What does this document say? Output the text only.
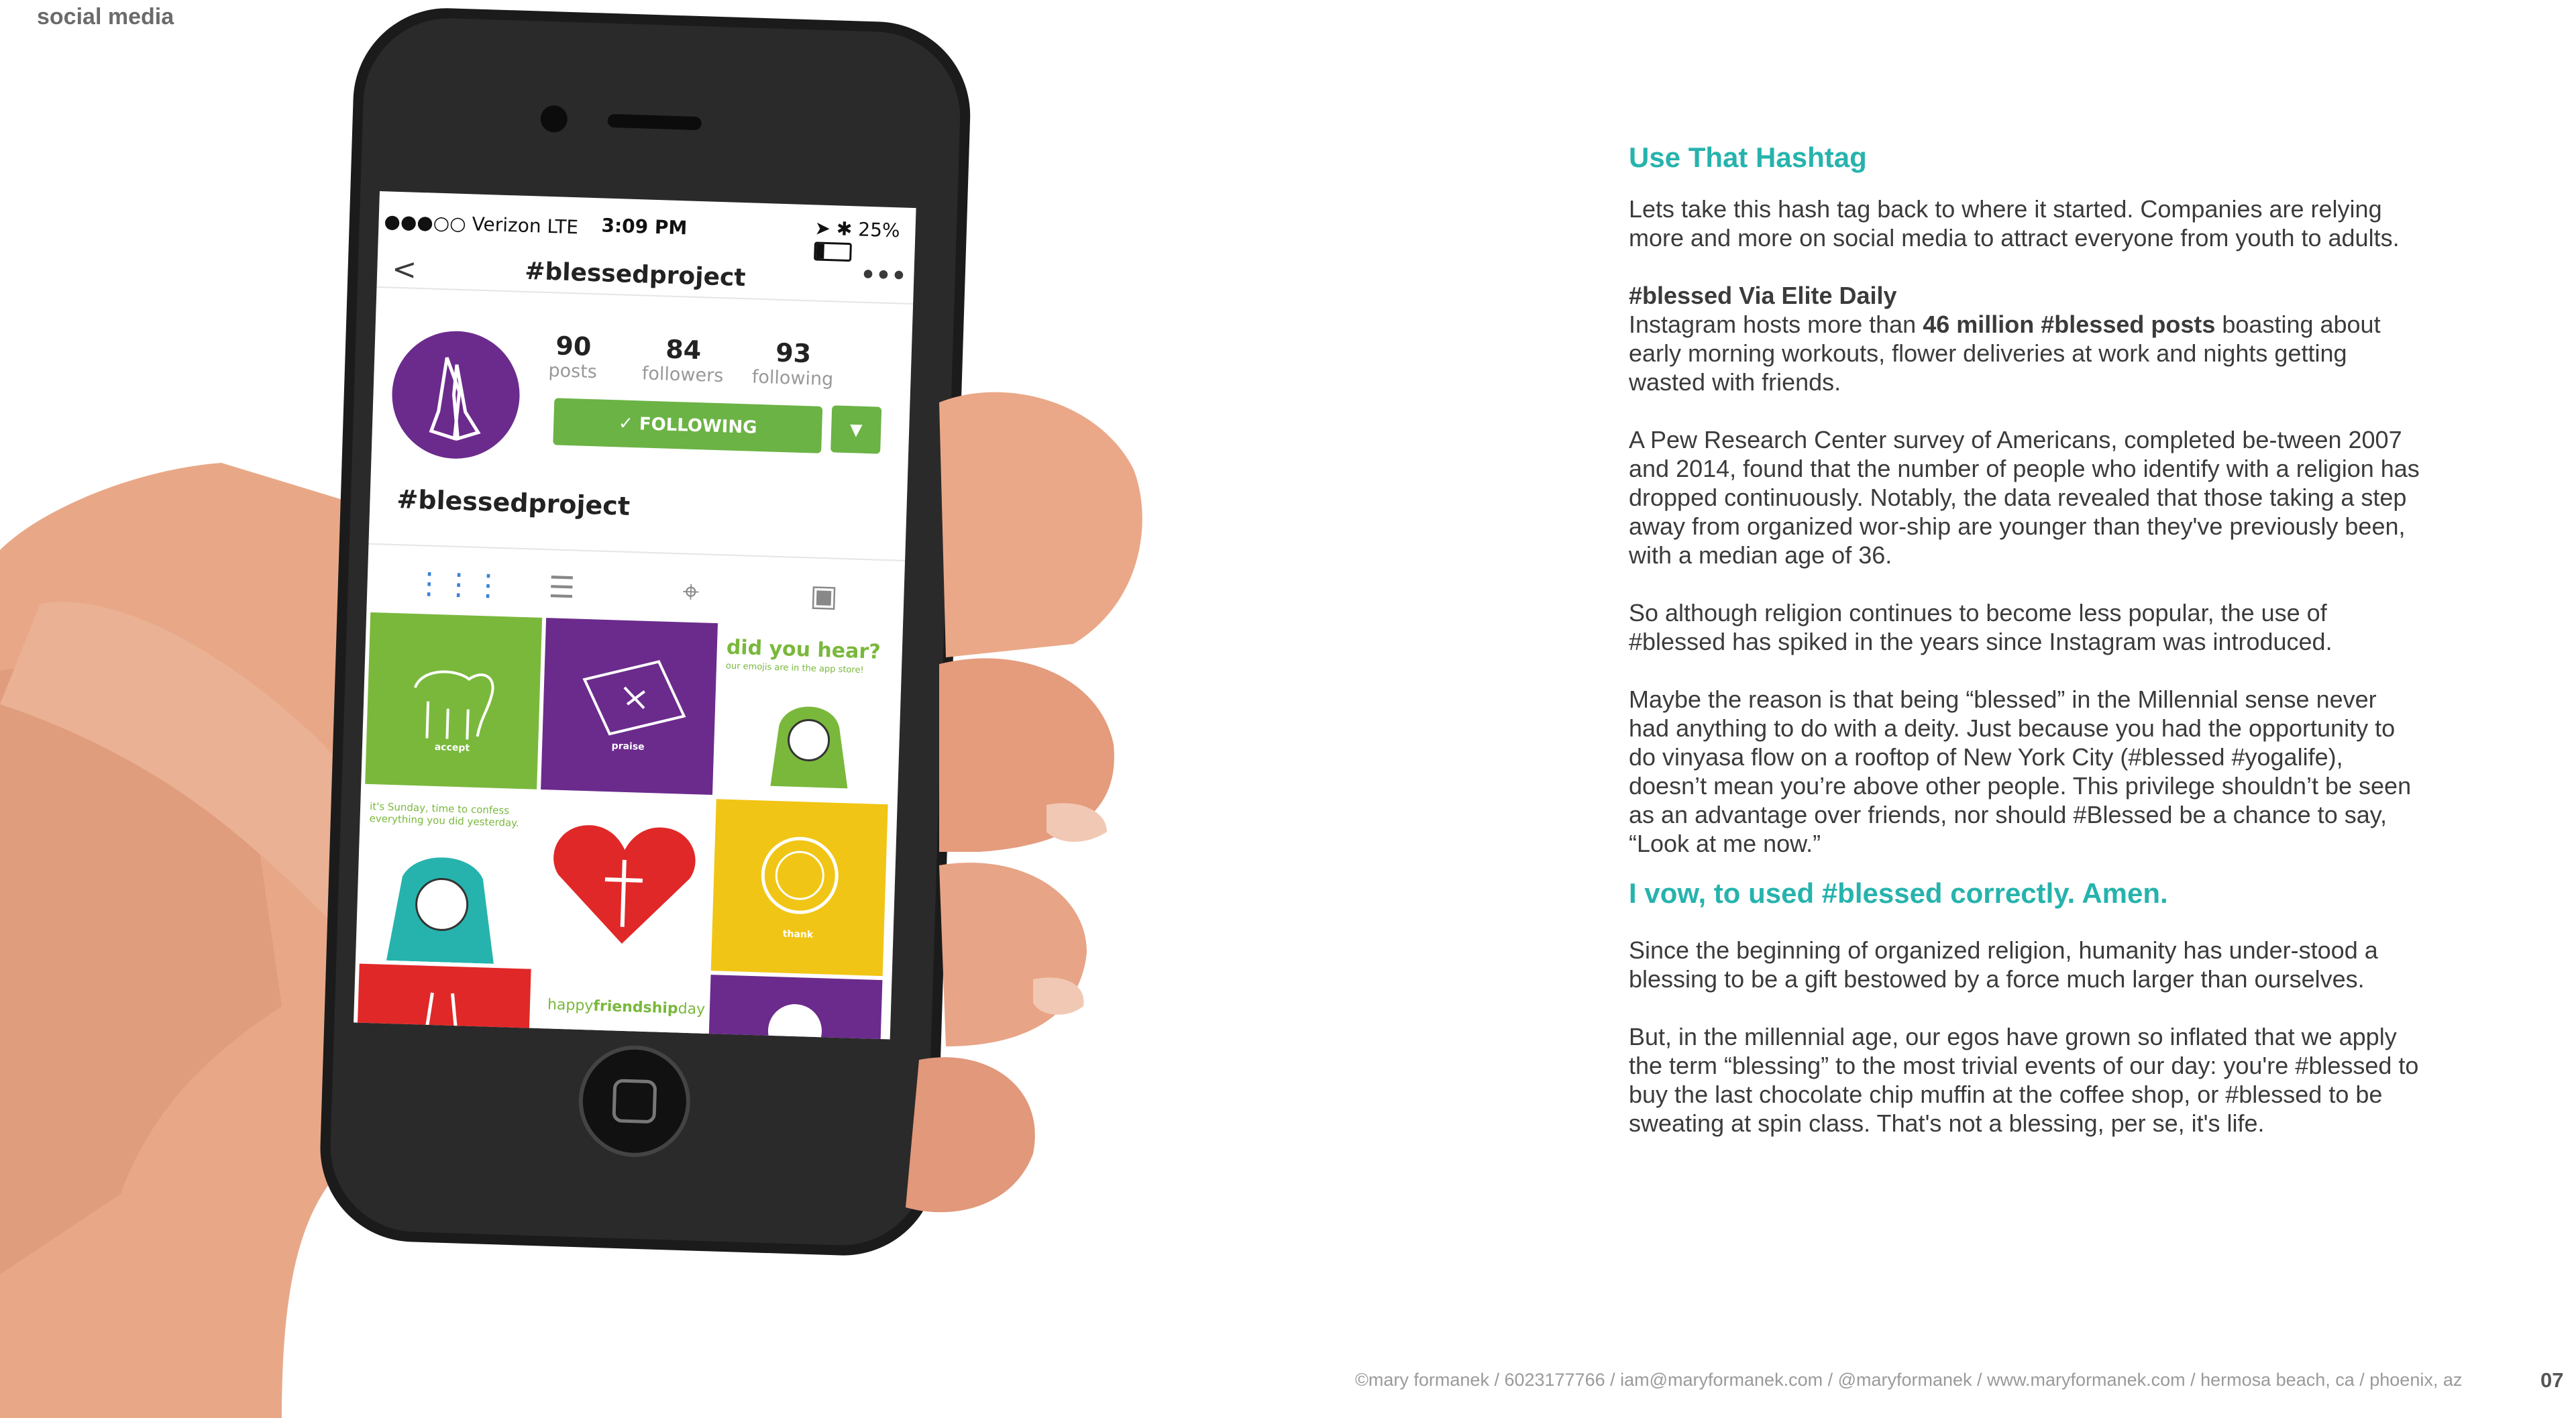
social media
●●●○○ Verizon LTE 3:09 PM	➤ ✱ 25%
<	#blessedproject	•••
90
posts
84
followers
93
following
✓ FOLLOWING	▼
#blessedproject
⋮⋮⋮ ☰	⌖	▣
accept	praise
did you hear?
our emojis are in the app store!
it's Sunday, time to confess everything you did yesterday.
thank
happyfriendshipday
Use That Hashtag

Lets take this hash tag back to where it started. Companies are relying more and more on social media to attract everyone from youth to adults.

#blessed Via Elite Daily

Instagram hosts more than 46 million #blessed posts boasting about early morning workouts, flower deliveries at work and nights getting wasted with friends.

A Pew Research Center survey of Americans, completed be-tween 2007 and 2014, found that the number of people who identify with a religion has dropped continuously. Notably, the data revealed that those taking a step away from organized wor-ship are younger than they've previously been, with a median age of 36.

So although religion continues to become less popular, the use of #blessed has spiked in the years since Instagram was introduced.

Maybe the reason is that being “blessed” in the Millennial sense never had anything to do with a deity. Just because you had the opportunity to do vinyasa flow on a rooftop of New York City (#blessed #yogalife), doesn’t mean you’re above other people. This privilege shouldn’t be seen as an advantage over friends, nor should #Blessed be a chance to say, “Look at me now.”

I vow, to used #blessed correctly. Amen.

Since the beginning of organized religion, humanity has under-stood a blessing to be a gift bestowed by a force much larger than ourselves.

But, in the millennial age, our egos have grown so inflated that we apply the term “blessing” to the most trivial events of our day: you're #blessed to buy the last chocolate chip muffin at the coffee shop, or #blessed to be sweating at spin class. That's not a blessing, per se, it's life.

©mary formanek / 6023177766 / iam@maryformanek.com / @maryformanek / www.maryformanek.com / hermosa beach, ca / phoenix, az	07
